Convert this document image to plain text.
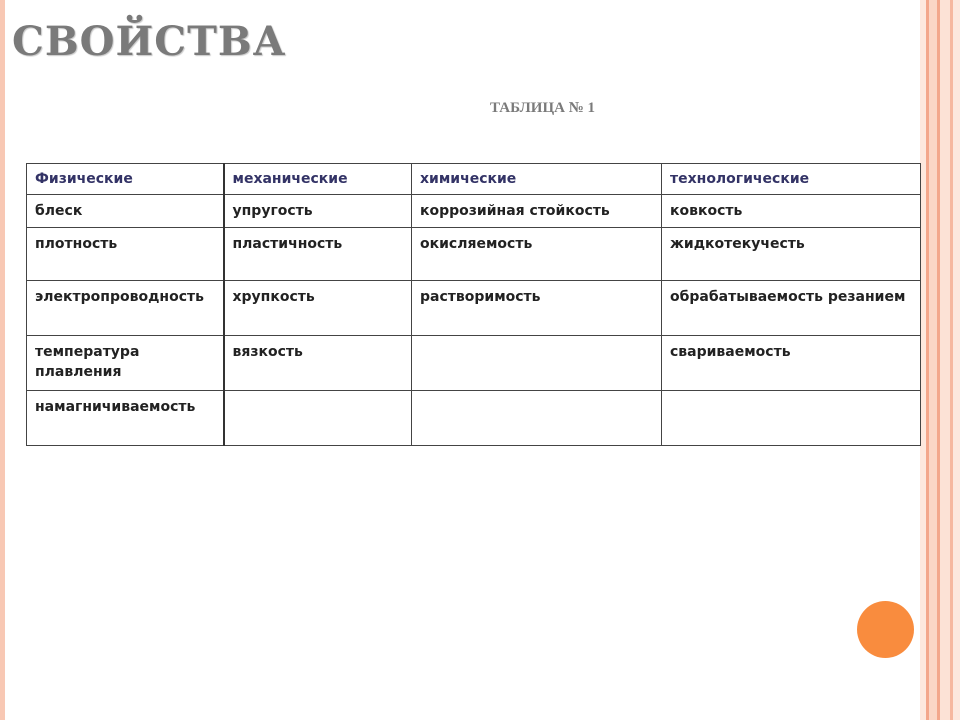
СВОЙСТВА
ТАБЛИЦА № 1
Физические	механические	химические	технологические
блеск	упругость	коррозийная стойкость	ковкость
плотность	пластичность	окисляемость	жидкотекучесть
электропроводность	хрупкость	растворимость	обрабатываемость резанием
температура плавления	вязкость		свариваемость
намагничиваемость			
